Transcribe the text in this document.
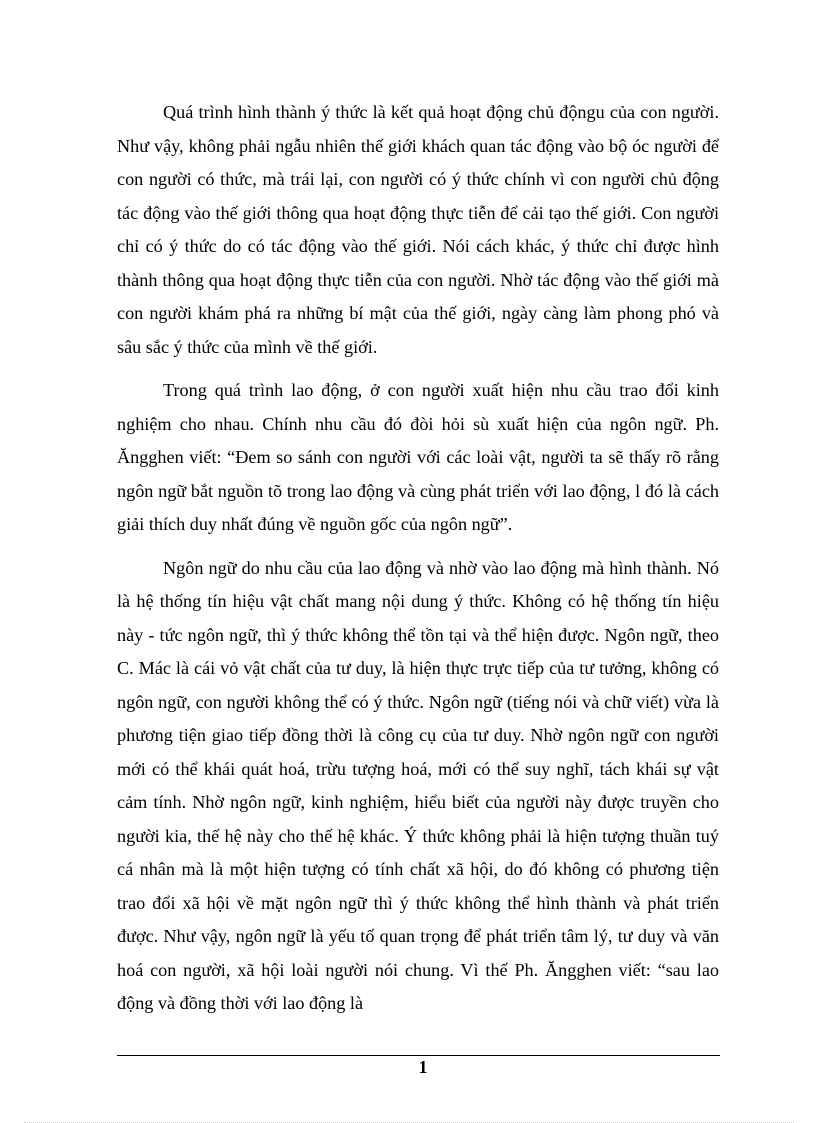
Quá trình hình thành ý thức là kết quả hoạt động chủ độngu của con người. Như vậy, không phải ngẫu nhiên thế giới khách quan tác động vào bộ óc người để con người có thức, mà trái lại, con người có ý thức chính vì con người chủ động tác động vào thế giới thông qua hoạt động thực tiễn để cải tạo thế giới. Con người chỉ có ý thức do có tác động vào thế giới. Nói cách khác, ý thức chỉ được hình thành thông qua hoạt động thực tiễn của con người. Nhờ tác động vào thế giới mà con người khám phá ra những bí mật của thế giới, ngày càng làm phong phó và sâu sắc ý thức của mình về thế giới.

Trong quá trình lao động, ở con người xuất hiện nhu cầu trao đổi kinh nghiệm cho nhau. Chính nhu cầu đó đòi hỏi sù xuất hiện của ngôn ngữ. Ph. Ăngghen viết: “Đem so sánh con người với các loài vật, người ta sẽ thấy rõ rằng ngôn ngữ bắt nguồn tõ trong lao động và cùng phát triển với lao động, l đó là cách giải thích duy nhất đúng về nguồn gốc của ngôn ngữ”.

Ngôn ngữ do nhu cầu của lao động và nhờ vào lao động mà hình thành. Nó là hệ thống tín hiệu vật chất mang nội dung ý thức. Không có hệ thống tín hiệu này - tức ngôn ngữ, thì ý thức không thể tồn tại và thể hiện được. Ngôn ngữ, theo C. Mác là cái vỏ vật chất của tư duy, là hiện thực trực tiếp của tư tưởng, không có ngôn ngữ, con người không thể có ý thức. Ngôn ngữ (tiếng nói và chữ viết) vừa là phương tiện giao tiếp đồng thời là công cụ của tư duy. Nhờ ngôn ngữ con người mới có thể khái quát hoá, trừu tượng hoá, mới có thể suy nghĩ, tách khái sự vật cảm tính. Nhờ ngôn ngữ, kinh nghiệm, hiểu biết của người này được truyền cho người kia, thế hệ này cho thế hệ khác. Ý thức không phải là hiện tượng thuần tuý cá nhân mà là một hiện tượng có tính chất xã hội, do đó không có phương tiện trao đổi xã hội về mặt ngôn ngữ thì ý thức không thể hình thành và phát triển được. Như vậy, ngôn ngữ là yếu tố quan trọng để phát triển tâm lý, tư duy và văn hoá con người, xã hội loài người nói chung. Vì thế Ph. Ăngghen viết: “sau lao động và đồng thời với lao động là

1
